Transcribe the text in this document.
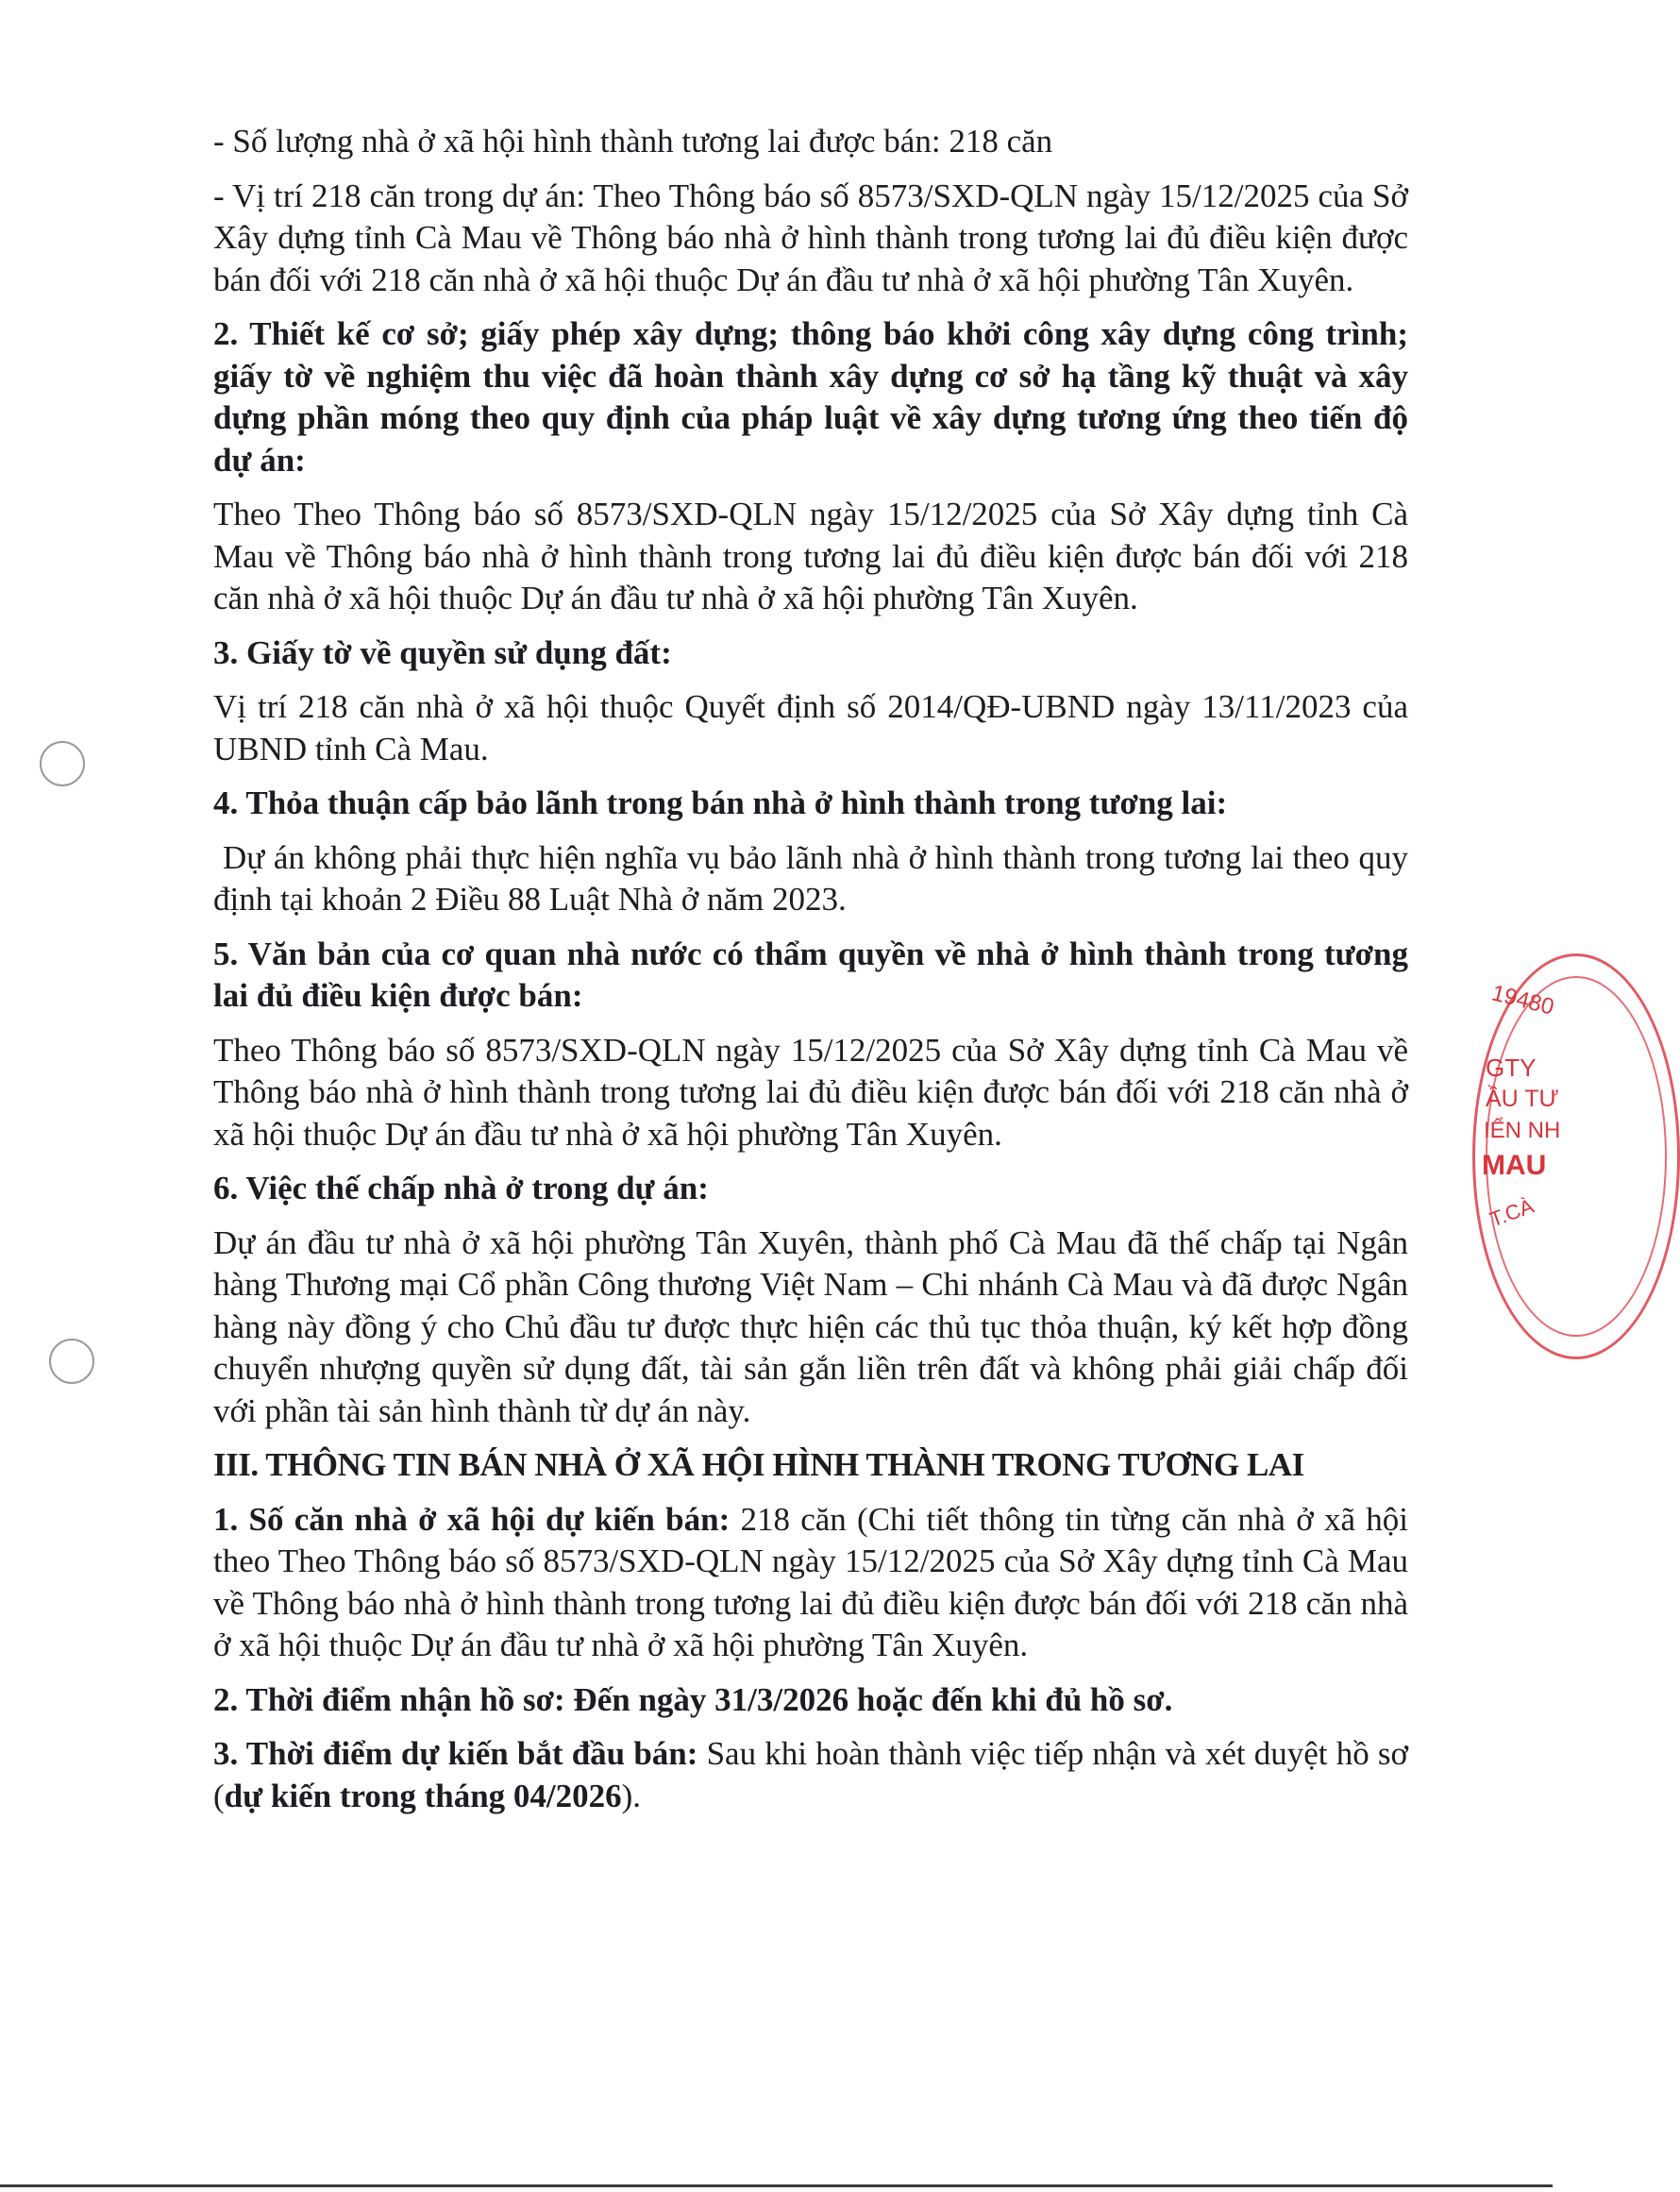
- Số lượng nhà ở xã hội hình thành tương lai được bán: 218 căn

- Vị trí 218 căn trong dự án: Theo Thông báo số 8573/SXD-QLN ngày 15/12/2025 của Sở Xây dựng tỉnh Cà Mau về Thông báo nhà ở hình thành trong tương lai đủ điều kiện được bán đối với 218 căn nhà ở xã hội thuộc Dự án đầu tư nhà ở xã hội phường Tân Xuyên.

2. Thiết kế cơ sở; giấy phép xây dựng; thông báo khởi công xây dựng công trình; giấy tờ về nghiệm thu việc đã hoàn thành xây dựng cơ sở hạ tầng kỹ thuật và xây dựng phần móng theo quy định của pháp luật về xây dựng tương ứng theo tiến độ dự án:

Theo Theo Thông báo số 8573/SXD-QLN ngày 15/12/2025 của Sở Xây dựng tỉnh Cà Mau về Thông báo nhà ở hình thành trong tương lai đủ điều kiện được bán đối với 218 căn nhà ở xã hội thuộc Dự án đầu tư nhà ở xã hội phường Tân Xuyên.

3. Giấy tờ về quyền sử dụng đất:

Vị trí 218 căn nhà ở xã hội thuộc Quyết định số 2014/QĐ-UBND ngày 13/11/2023 của UBND tỉnh Cà Mau.

4. Thỏa thuận cấp bảo lãnh trong bán nhà ở hình thành trong tương lai:

Dự án không phải thực hiện nghĩa vụ bảo lãnh nhà ở hình thành trong tương lai theo quy định tại khoản 2 Điều 88 Luật Nhà ở năm 2023.

5. Văn bản của cơ quan nhà nước có thẩm quyền về nhà ở hình thành trong tương lai đủ điều kiện được bán:

Theo Thông báo số 8573/SXD-QLN ngày 15/12/2025 của Sở Xây dựng tỉnh Cà Mau về Thông báo nhà ở hình thành trong tương lai đủ điều kiện được bán đối với 218 căn nhà ở xã hội thuộc Dự án đầu tư nhà ở xã hội phường Tân Xuyên.

6. Việc thế chấp nhà ở trong dự án:

Dự án đầu tư nhà ở xã hội phường Tân Xuyên, thành phố Cà Mau đã thế chấp tại Ngân hàng Thương mại Cổ phần Công thương Việt Nam – Chi nhánh Cà Mau và đã được Ngân hàng này đồng ý cho Chủ đầu tư được thực hiện các thủ tục thỏa thuận, ký kết hợp đồng chuyển nhượng quyền sử dụng đất, tài sản gắn liền trên đất và không phải giải chấp đối với phần tài sản hình thành từ dự án này.

III. THÔNG TIN BÁN NHÀ Ở XÃ HỘI HÌNH THÀNH TRONG TƯƠNG LAI

1. Số căn nhà ở xã hội dự kiến bán: 218 căn (Chi tiết thông tin từng căn nhà ở xã hội theo Theo Thông báo số 8573/SXD-QLN ngày 15/12/2025 của Sở Xây dựng tỉnh Cà Mau về Thông báo nhà ở hình thành trong tương lai đủ điều kiện được bán đối với 218 căn nhà ở xã hội thuộc Dự án đầu tư nhà ở xã hội phường Tân Xuyên.

2. Thời điểm nhận hồ sơ: Đến ngày 31/3/2026 hoặc đến khi đủ hồ sơ.

3. Thời điểm dự kiến bắt đầu bán: Sau khi hoàn thành việc tiếp nhận và xét duyệt hồ sơ (dự kiến trong tháng 04/2026).

19480
GTY
ẦU TƯ
IỂN NH
MAU
T.CÀ
